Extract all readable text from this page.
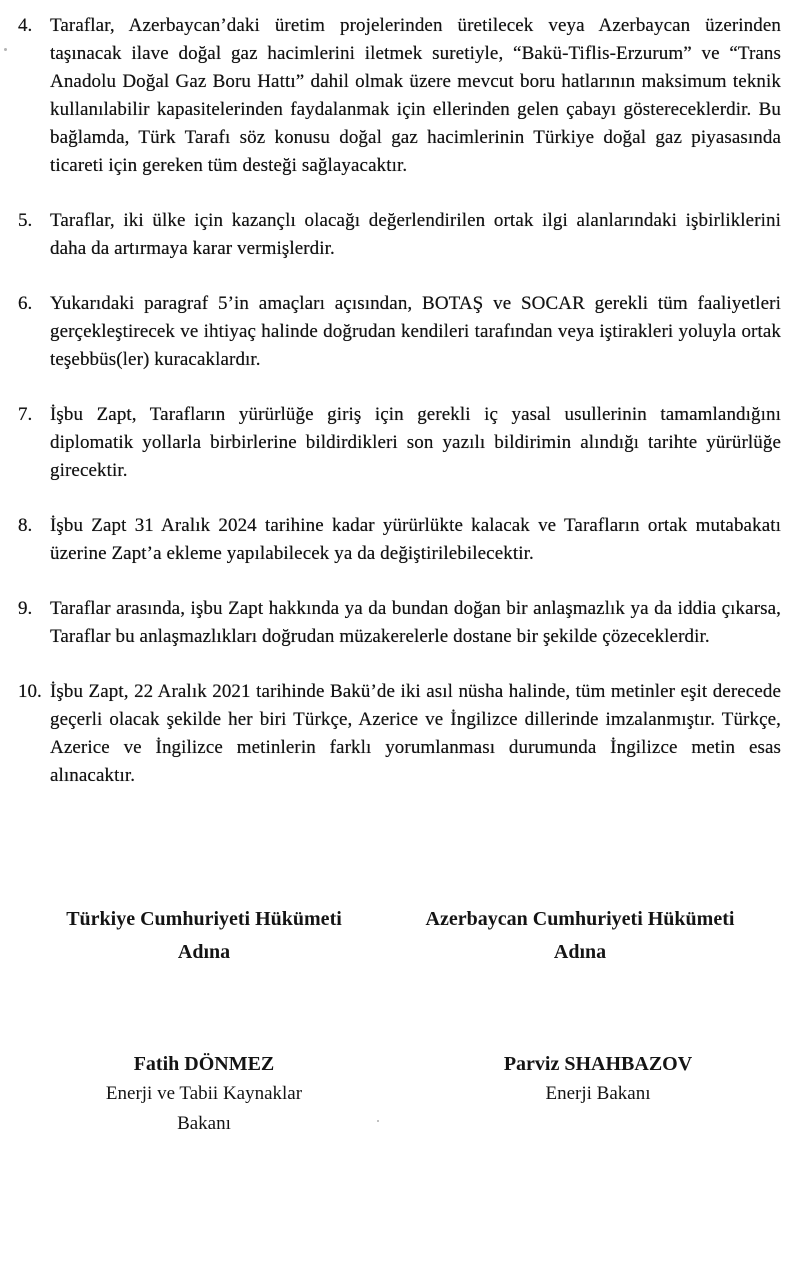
4. Taraflar, Azerbaycan’daki üretim projelerinden üretilecek veya Azerbaycan üzerinden taşınacak ilave doğal gaz hacimlerini iletmek suretiyle, “Bakü-Tiflis-Erzurum” ve “Trans Anadolu Doğal Gaz Boru Hattı” dahil olmak üzere mevcut boru hatlarının maksimum teknik kullanılabilir kapasitelerinden faydalanmak için ellerinden gelen çabayı göstereceklerdir. Bu bağlamda, Türk Tarafı söz konusu doğal gaz hacimlerinin Türkiye doğal gaz piyasasında ticareti için gereken tüm desteği sağlayacaktır.

5. Taraflar, iki ülke için kazançlı olacağı değerlendirilen ortak ilgi alanlarındaki işbirliklerini daha da artırmaya karar vermişlerdir.

6. Yukarıdaki paragraf 5’in amaçları açısından, BOTAŞ ve SOCAR gerekli tüm faaliyetleri gerçekleştirecek ve ihtiyaç halinde doğrudan kendileri tarafından veya iştirakleri yoluyla ortak teşebbüs(ler) kuracaklardır.

7. İşbu Zapt, Tarafların yürürlüğe giriş için gerekli iç yasal usullerinin tamamlandığını diplomatik yollarla birbirlerine bildirdikleri son yazılı bildirimin alındığı tarihte yürürlüğe girecektir.

8. İşbu Zapt 31 Aralık 2024 tarihine kadar yürürlükte kalacak ve Tarafların ortak mutabakatı üzerine Zapt’a ekleme yapılabilecek ya da değiştirilebilecektir.

9. Taraflar arasında, işbu Zapt hakkında ya da bundan doğan bir anlaşmazlık ya da iddia çıkarsa, Taraflar bu anlaşmazlıkları doğrudan müzakerelerle dostane bir şekilde çözeceklerdir.

10. İşbu Zapt, 22 Aralık 2021 tarihinde Bakü’de iki asıl nüsha halinde, tüm metinler eşit derecede geçerli olacak şekilde her biri Türkçe, Azerice ve İngilizce dillerinde imzalanmıştır. Türkçe, Azerice ve İngilizce metinlerin farklı yorumlanması durumunda İngilizce metin esas alınacaktır.

Türkiye Cumhuriyeti Hükümeti
Adına
Azerbaycan Cumhuriyeti Hükümeti
Adına
Fatih DÖNMEZ
Enerji ve Tabii Kaynaklar
Bakanı
Parviz SHAHBAZOV
Enerji Bakanı
